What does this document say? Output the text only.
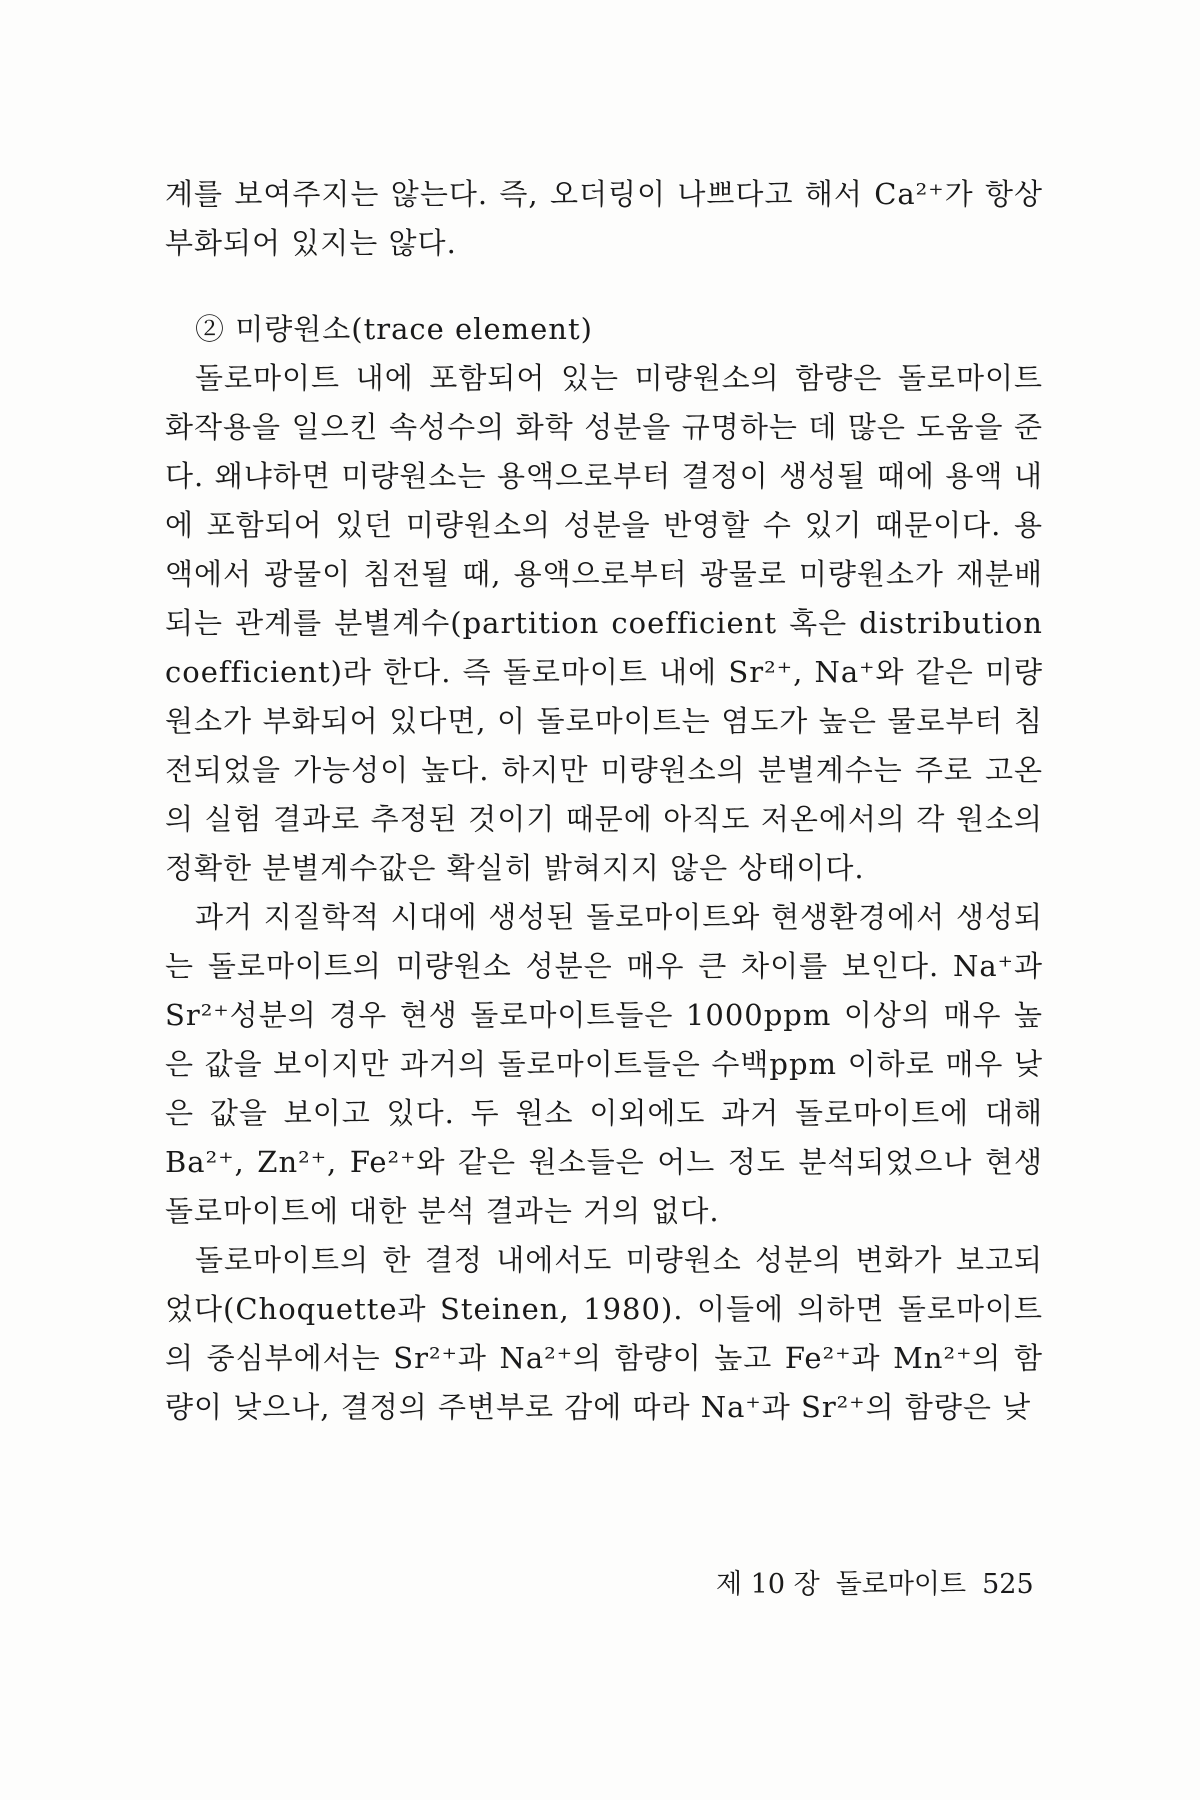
계를 보여주지는 않는다. 즉, 오더링이 나쁘다고 해서 Ca²⁺가 항상 부화되어 있지는 않다.

② 미량원소(trace element)

돌로마이트 내에 포함되어 있는 미량원소의 함량은 돌로마이트 화작용을 일으킨 속성수의 화학 성분을 규명하는 데 많은 도움을 준다. 왜냐하면 미량원소는 용액으로부터 결정이 생성될 때에 용액 내에 포함되어 있던 미량원소의 성분을 반영할 수 있기 때문이다. 용액에서 광물이 침전될 때, 용액으로부터 광물로 미량원소가 재분배되는 관계를 분별계수(partition coefficient 혹은 distribution coefficient)라 한다. 즉 돌로마이트 내에 Sr²⁺, Na⁺와 같은 미량원소가 부화되어 있다면, 이 돌로마이트는 염도가 높은 물로부터 침전되었을 가능성이 높다. 하지만 미량원소의 분별계수는 주로 고온의 실험 결과로 추정된 것이기 때문에 아직도 저온에서의 각 원소의 정확한 분별계수값은 확실히 밝혀지지 않은 상태이다.

과거 지질학적 시대에 생성된 돌로마이트와 현생환경에서 생성되는 돌로마이트의 미량원소 성분은 매우 큰 차이를 보인다. Na⁺과 Sr²⁺성분의 경우 현생 돌로마이트들은 1000ppm 이상의 매우 높은 값을 보이지만 과거의 돌로마이트들은 수백ppm 이하로 매우 낮은 값을 보이고 있다. 두 원소 이외에도 과거 돌로마이트에 대해 Ba²⁺, Zn²⁺, Fe²⁺와 같은 원소들은 어느 정도 분석되었으나 현생 돌로마이트에 대한 분석 결과는 거의 없다.

돌로마이트의 한 결정 내에서도 미량원소 성분의 변화가 보고되었다(Choquette과 Steinen, 1980). 이들에 의하면 돌로마이트의 중심부에서는 Sr²⁺과 Na²⁺의 함량이 높고 Fe²⁺과 Mn²⁺의 함량이 낮으나, 결정의 주변부로 감에 따라 Na⁺과 Sr²⁺의 함량은 낮

제 10 장 돌로마이트 525
